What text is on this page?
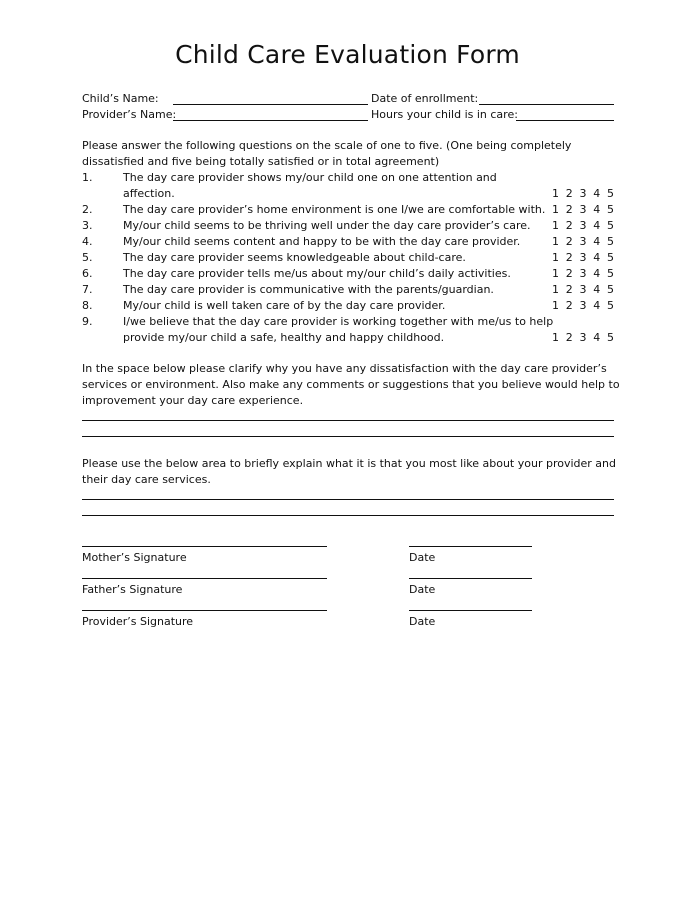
Child Care Evaluation Form
Child’s Name:	Date of enrollment:
Provider’s Name:	Hours your child is in care:
Please answer the following questions on the scale of one to five. (One being completely
dissatisfied and five being totally satisfied or in total agreement)
1.	The day care provider shows my/our child one on one attention and
affection.	1 2 3 4 5
2.	The day care provider’s home environment is one I/we are comfortable with. 1 2 3 4 5
3.	My/our child seems to be thriving well under the day care provider’s care. 1 2 3 4 5
4.	My/our child seems content and happy to be with the day care provider.	1 2 3 4 5
5.	The day care provider seems knowledgeable about child-care.	1 2 3 4 5
6.	The day care provider tells me/us about my/our child’s daily activities.	1 2 3 4 5
7.	The day care provider is communicative with the parents/guardian.	1 2 3 4 5
8.	My/our child is well taken care of by the day care provider.	1 2 3 4 5
9.	I/we believe that the day care provider is working together with me/us to help
provide my/our child a safe, healthy and happy childhood.	1 2 3 4 5
In the space below please clarify why you have any dissatisfaction with the day care provider’s
services or environment. Also make any comments or suggestions that you believe would help to
improvement your day care experience.
Please use the below area to briefly explain what it is that you most like about your provider and
their day care services.
Mother’s Signature	Date
Father’s Signature	Date
Provider’s Signature	Date
